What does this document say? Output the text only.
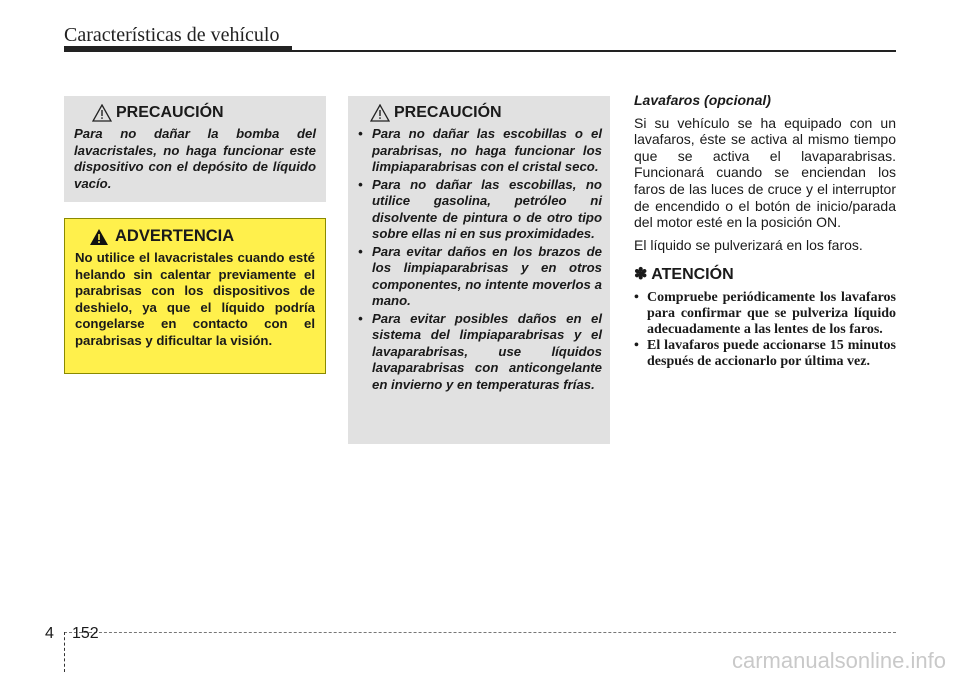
Características de vehículo
PRECAUCIÓN
Para no dañar la bomba del lavacristales, no haga funcionar este dispositivo con el depósito de líquido vacío.
ADVERTENCIA
No utilice el lavacristales cuando esté helando sin calentar previamente el parabrisas con los dispositivos de deshielo, ya que el líquido podría congelarse en contacto con el parabrisas y dificultar la visión.
PRECAUCIÓN
• Para no dañar las escobillas o el parabrisas, no haga funcionar los limpiaparabrisas con el cristal seco.
• Para no dañar las escobillas, no utilice gasolina, petróleo ni disolvente de pintura o de otro tipo sobre ellas ni en sus proximidades.
• Para evitar daños en los brazos de los limpiaparabrisas y en otros componentes, no intente moverlos a mano.
• Para evitar posibles daños en el sistema del limpiaparabrisas y el lavaparabrisas, use líquidos lavaparabrisas con anticongelante en invierno y en temperaturas frías.
Lavafaros (opcional)

Si su vehículo se ha equipado con un lavafaros, éste se activa al mismo tiempo que se activa el lavaparabrisas. Funcionará cuando se enciendan los faros de las luces de cruce y el interruptor de encendido o el botón de inicio/parada del motor esté en la posición ON.

El líquido se pulverizará en los faros.

✽ ATENCIÓN
• Compruebe periódicamente los lavafaros para confirmar que se pulveriza líquido adecuadamente a las lentes de los faros.
• El lavafaros puede accionarse 15 minutos después de accionarlo por última vez.
4 152
carmanualsonline.info
